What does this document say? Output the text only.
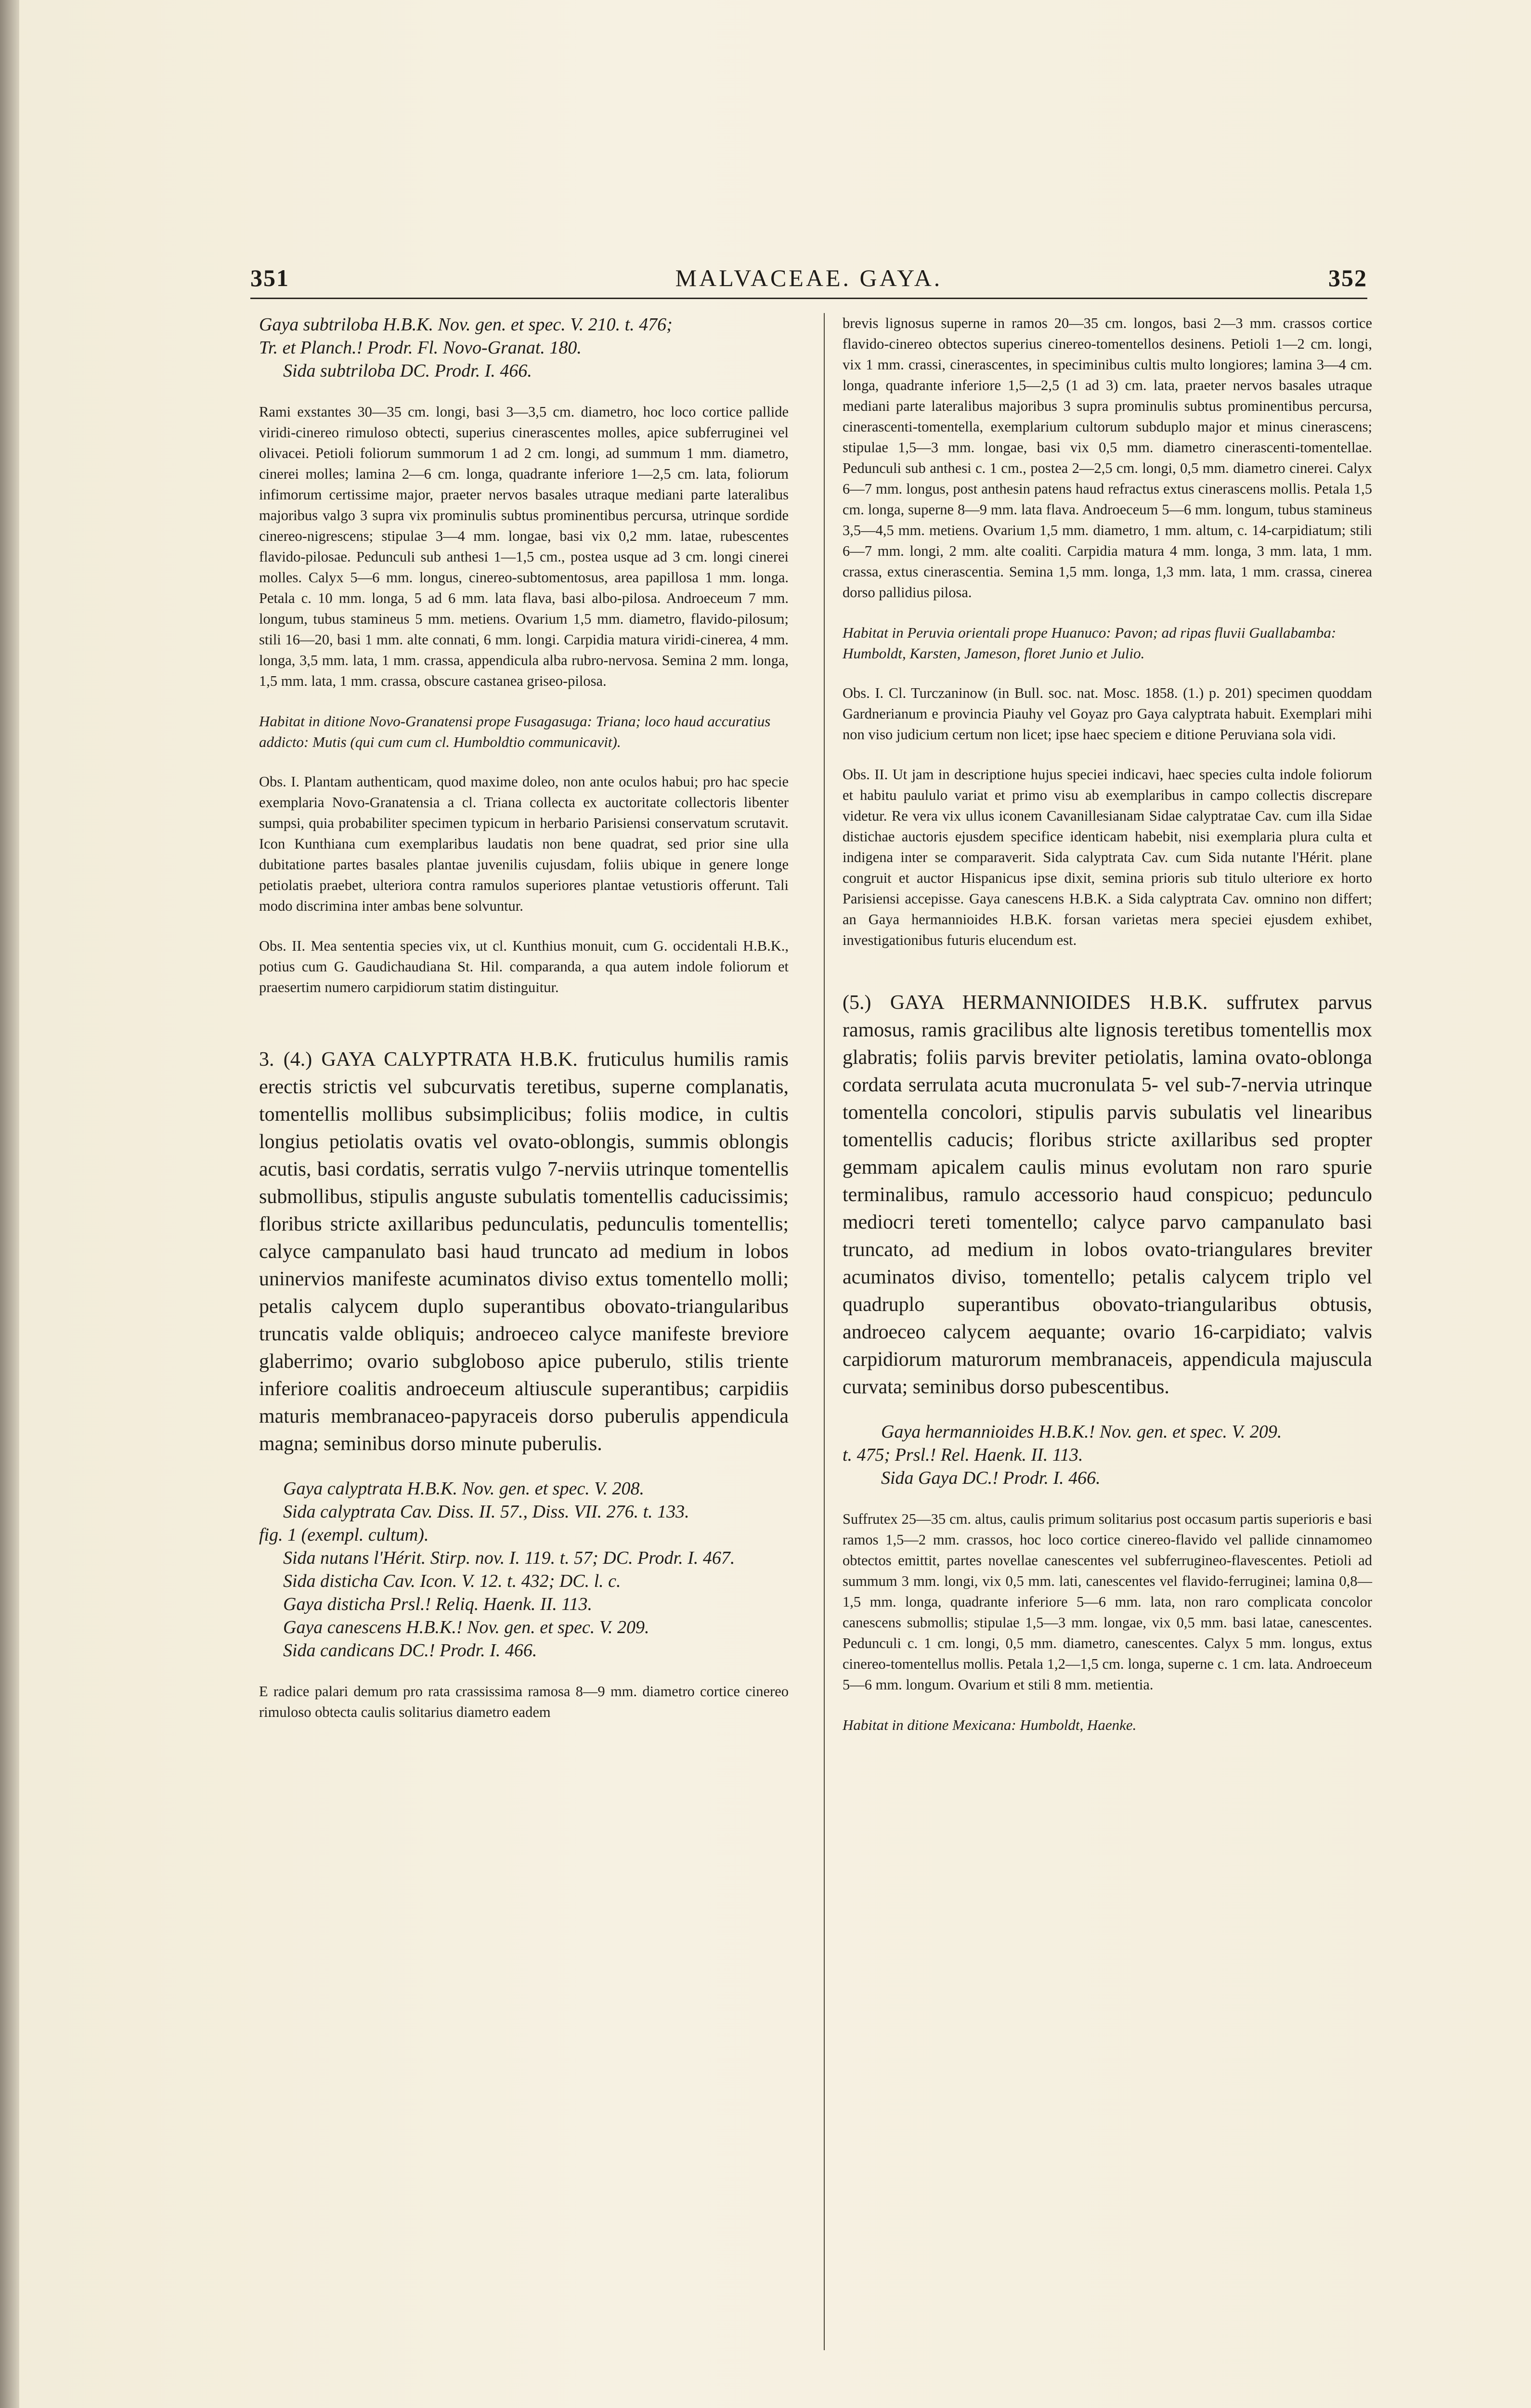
351	MALVACEAE. GAYA.	352

Gaya subtriloba H.B.K. Nov. gen. et spec. V. 210. t. 476;
Tr. et Planch.! Prodr. Fl. Novo-Granat. 180.
Sida subtriloba DC. Prodr. I. 466.

Rami exstantes 30—35 cm. longi, basi 3—3,5 cm. diametro, hoc loco cortice pallide viridi-cinereo rimuloso obtecti, superius cinerascentes molles, apice subferruginei vel olivacei. Petioli foliorum summorum 1 ad 2 cm. longi, ad summum 1 mm. diametro, cinerei molles; lamina 2—6 cm. longa, quadrante inferiore 1—2,5 cm. lata, foliorum infimorum certissime major, praeter nervos basales utraque mediani parte lateralibus majoribus valgo 3 supra vix prominulis subtus prominentibus percursa, utrinque sordide cinereo-nigrescens; stipulae 3—4 mm. longae, basi vix 0,2 mm. latae, rubescentes flavido-pilosae. Pedunculi sub anthesi 1—1,5 cm., postea usque ad 3 cm. longi cinerei molles. Calyx 5—6 mm. longus, cinereo-subtomentosus, area papillosa 1 mm. longa. Petala c. 10 mm. longa, 5 ad 6 mm. lata flava, basi albo-pilosa. Androeceum 7 mm. longum, tubus stamineus 5 mm. metiens. Ovarium 1,5 mm. diametro, flavido-pilosum; stili 16—20, basi 1 mm. alte connati, 6 mm. longi. Carpidia matura viridi-cinerea, 4 mm. longa, 3,5 mm. lata, 1 mm. crassa, appendicula alba rubro-nervosa. Semina 2 mm. longa, 1,5 mm. lata, 1 mm. crassa, obscure castanea griseo-pilosa.

Habitat in ditione Novo-Granatensi prope Fusagasuga: Triana; loco haud accuratius addicto: Mutis (qui cum cum cl. Humboldtio communicavit).

Obs. I. Plantam authenticam, quod maxime doleo, non ante oculos habui; pro hac specie exemplaria Novo-Granatensia a cl. Triana collecta ex auctoritate collectoris libenter sumpsi, quia probabiliter specimen typicum in herbario Parisiensi conservatum scrutavit. Icon Kunthiana cum exemplaribus laudatis non bene quadrat, sed prior sine ulla dubitatione partes basales plantae juvenilis cujusdam, foliis ubique in genere longe petiolatis praebet, ulteriora contra ramulos superiores plantae vetustioris offerunt. Tali modo discrimina inter ambas bene solvuntur.

Obs. II. Mea sententia species vix, ut cl. Kunthius monuit, cum G. occidentali H.B.K., potius cum G. Gaudichaudiana St. Hil. comparanda, a qua autem indole foliorum et praesertim numero carpidiorum statim distinguitur.

3. (4.) GAYA CALYPTRATA H.B.K. fruticulus humilis ramis erectis strictis vel subcurvatis teretibus, superne complanatis, tomentellis mollibus subsimplicibus; foliis modice, in cultis longius petiolatis ovatis vel ovato-oblongis, summis oblongis acutis, basi cordatis, serratis vulgo 7-nerviis utrinque tomentellis submollibus, stipulis anguste subulatis tomentellis caducissimis; floribus stricte axillaribus pedunculatis, pedunculis tomentellis; calyce campanulato basi haud truncato ad medium in lobos uninervios manifeste acuminatos diviso extus tomentello molli; petalis calycem duplo superantibus obovato-triangularibus truncatis valde obliquis; androeceo calyce manifeste breviore glaberrimo; ovario subgloboso apice puberulo, stilis triente inferiore coalitis androeceum altiuscule superantibus; carpidiis maturis membranaceo-papyraceis dorso puberulis appendicula magna; seminibus dorso minute puberulis.

Gaya calyptrata H.B.K. Nov. gen. et spec. V. 208.
Sida calyptrata Cav. Diss. II. 57., Diss. VII. 276. t. 133.
fig. 1 (exempl. cultum).
Sida nutans l'Hérit. Stirp. nov. I. 119. t. 57; DC. Prodr. I. 467.
Sida disticha Cav. Icon. V. 12. t. 432; DC. l. c.
Gaya disticha Prsl.! Reliq. Haenk. II. 113.
Gaya canescens H.B.K.! Nov. gen. et spec. V. 209.
Sida candicans DC.! Prodr. I. 466.

E radice palari demum pro rata crassissima ramosa 8—9 mm. diametro cortice cinereo rimuloso obtecta caulis solitarius diametro eadem

brevis lignosus superne in ramos 20—35 cm. longos, basi 2—3 mm. crassos cortice flavido-cinereo obtectos superius cinereo-tomentellos desinens. Petioli 1—2 cm. longi, vix 1 mm. crassi, cinerascentes, in speciminibus cultis multo longiores; lamina 3—4 cm. longa, quadrante inferiore 1,5—2,5 (1 ad 3) cm. lata, praeter nervos basales utraque mediani parte lateralibus majoribus 3 supra prominulis subtus prominentibus percursa, cinerascenti-tomentella, exemplarium cultorum subduplo major et minus cinerascens; stipulae 1,5—3 mm. longae, basi vix 0,5 mm. diametro cinerascenti-tomentellae. Pedunculi sub anthesi c. 1 cm., postea 2—2,5 cm. longi, 0,5 mm. diametro cinerei. Calyx 6—7 mm. longus, post anthesin patens haud refractus extus cinerascens mollis. Petala 1,5 cm. longa, superne 8—9 mm. lata flava. Androeceum 5—6 mm. longum, tubus stamineus 3,5—4,5 mm. metiens. Ovarium 1,5 mm. diametro, 1 mm. altum, c. 14-carpidiatum; stili 6—7 mm. longi, 2 mm. alte coaliti. Carpidia matura 4 mm. longa, 3 mm. lata, 1 mm. crassa, extus cinerascentia. Semina 1,5 mm. longa, 1,3 mm. lata, 1 mm. crassa, cinerea dorso pallidius pilosa.

Habitat in Peruvia orientali prope Huanuco: Pavon; ad ripas fluvii Guallabamba: Humboldt, Karsten, Jameson, floret Junio et Julio.

Obs. I. Cl. Turczaninow (in Bull. soc. nat. Mosc. 1858. (1.) p. 201) specimen quoddam Gardnerianum e provincia Piauhy vel Goyaz pro Gaya calyptrata habuit. Exemplari mihi non viso judicium certum non licet; ipse haec speciem e ditione Peruviana sola vidi.

Obs. II. Ut jam in descriptione hujus speciei indicavi, haec species culta indole foliorum et habitu paululo variat et primo visu ab exemplaribus in campo collectis discrepare videtur. Re vera vix ullus iconem Cavanillesianam Sidae calyptratae Cav. cum illa Sidae distichae auctoris ejusdem specifice identicam habebit, nisi exemplaria plura culta et indigena inter se comparaverit. Sida calyptrata Cav. cum Sida nutante l'Hérit. plane congruit et auctor Hispanicus ipse dixit, semina prioris sub titulo ulteriore ex horto Parisiensi accepisse. Gaya canescens H.B.K. a Sida calyptrata Cav. omnino non differt; an Gaya hermannioides H.B.K. forsan varietas mera speciei ejusdem exhibet, investigationibus futuris elucendum est.

(5.) GAYA HERMANNIOIDES H.B.K. suffrutex parvus ramosus, ramis gracilibus alte lignosis teretibus tomentellis mox glabratis; foliis parvis breviter petiolatis, lamina ovato-oblonga cordata serrulata acuta mucronulata 5- vel sub-7-nervia utrinque tomentella concolori, stipulis parvis subulatis vel linearibus tomentellis caducis; floribus stricte axillaribus sed propter gemmam apicalem caulis minus evolutam non raro spurie terminalibus, ramulo accessorio haud conspicuo; pedunculo mediocri tereti tomentello; calyce parvo campanulato basi truncato, ad medium in lobos ovato-triangulares breviter acuminatos diviso, tomentello; petalis calycem triplo vel quadruplo superantibus obovato-triangularibus obtusis, androeceo calycem aequante; ovario 16-carpidiato; valvis carpidiorum maturorum membranaceis, appendicula majuscula curvata; seminibus dorso pubescentibus.

Gaya hermannioides H.B.K.! Nov. gen. et spec. V. 209.
t. 475; Prsl.! Rel. Haenk. II. 113.
Sida Gaya DC.! Prodr. I. 466.

Suffrutex 25—35 cm. altus, caulis primum solitarius post occasum partis superioris e basi ramos 1,5—2 mm. crassos, hoc loco cortice cinereo-flavido vel pallide cinnamomeo obtectos emittit, partes novellae canescentes vel subferrugineo-flavescentes. Petioli ad summum 3 mm. longi, vix 0,5 mm. lati, canescentes vel flavido-ferruginei; lamina 0,8—1,5 mm. longa, quadrante inferiore 5—6 mm. lata, non raro complicata concolor canescens submollis; stipulae 1,5—3 mm. longae, vix 0,5 mm. basi latae, canescentes. Pedunculi c. 1 cm. longi, 0,5 mm. diametro, canescentes. Calyx 5 mm. longus, extus cinereo-tomentellus mollis. Petala 1,2—1,5 cm. longa, superne c. 1 cm. lata. Androeceum 5—6 mm. longum. Ovarium et stili 8 mm. metientia.

Habitat in ditione Mexicana: Humboldt, Haenke.
